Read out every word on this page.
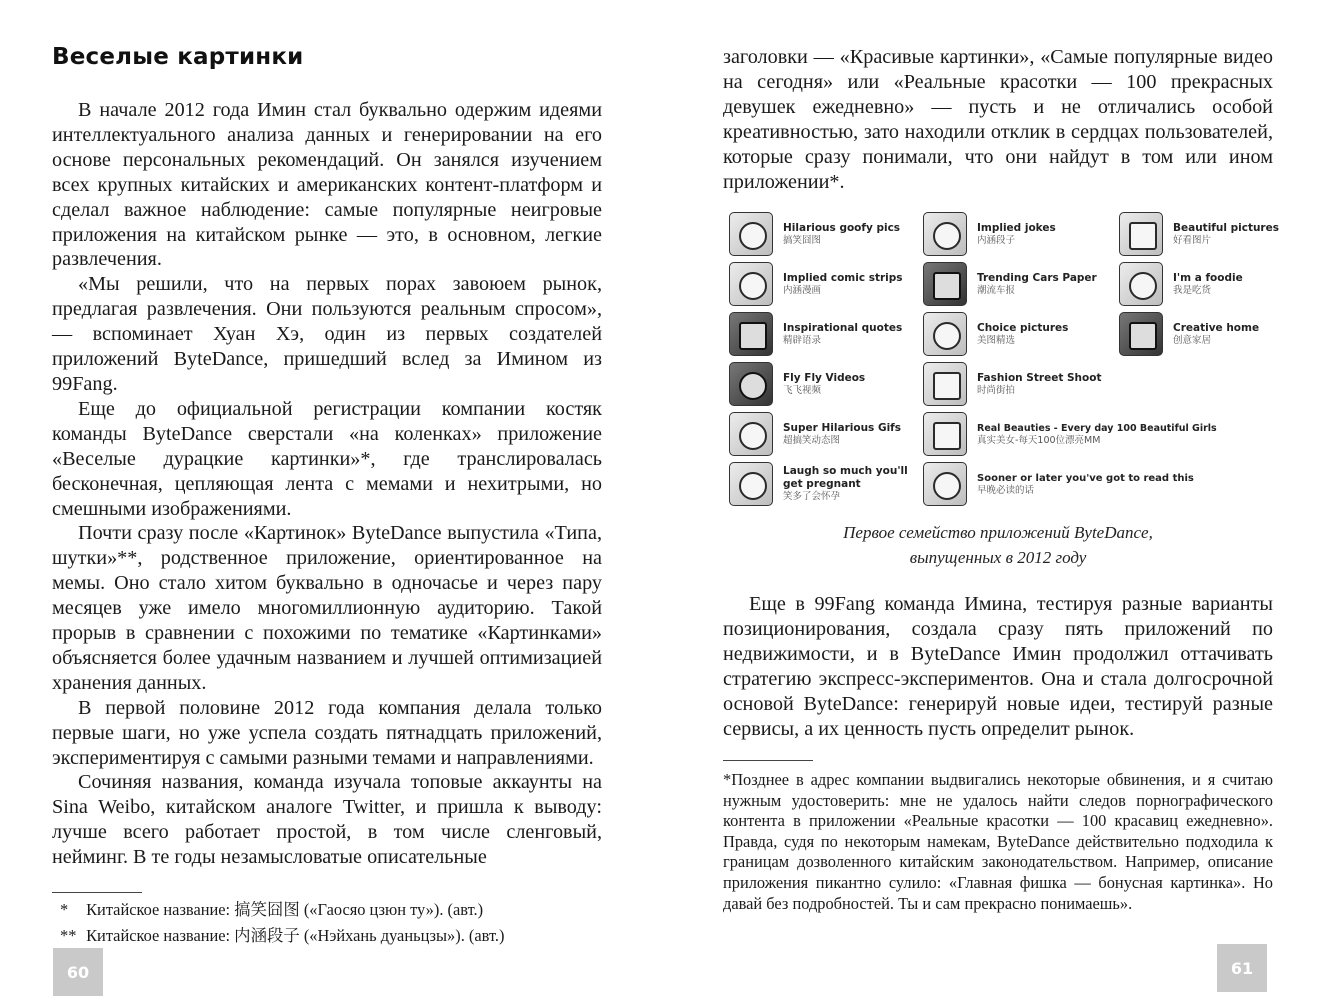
Веселые картинки

В начале 2012 года Имин стал буквально одержим идеями интеллектуального анализа данных и генерировании на его основе персональных рекомендаций. Он занялся изучением всех крупных китайских и американских контент-платформ и сделал важное наблюдение: самые популярные неигровые приложения на китайском рынке — это, в основном, легкие развлечения.

«Мы решили, что на первых порах завоюем рынок, предлагая развлечения. Они пользуются реальным спросом», — вспоминает Хуан Хэ, один из первых создателей приложений ByteDance, пришедший вслед за Имином из 99Fang.

Еще до официальной регистрации компании костяк команды ByteDance сверстали «на коленках» приложение «Веселые дурацкие картинки»*, где транслировалась бесконечная, цепляющая лента с мемами и нехитрыми, но смешными изображениями.

Почти сразу после «Картинок» ByteDance выпустила «Типа, шутки»**, родственное приложение, ориентированное на мемы. Оно стало хитом буквально в одночасье и через пару месяцев уже имело многомиллионную аудиторию. Такой прорыв в сравнении с похожими по тематике «Картинками» объясняется более удачным названием и лучшей оптимизацией хранения данных.

В первой половине 2012 года компания делала только первые шаги, но уже успела создать пятнадцать приложений, экспериментируя с самыми разными темами и направлениями.

Сочиняя названия, команда изучала топовые аккаунты на Sina Weibo, китайском аналоге Twitter, и пришла к выводу: лучше всего работает простой, в том числе сленговый, нейминг. В те годы незамысловатые описательные

* Китайское название: 搞笑囧图 («Гаосяо цзюн ту»). (авт.)
** Китайское название: 内涵段子 («Нэйхань дуаньцзы»). (авт.)
60

заголовки — «Красивые картинки», «Самые популярные видео на сегодня» или «Реальные красотки — 100 прекрасных девушек ежедневно» — пусть и не отличались особой креативностью, зато находили отклик в сердцах пользователей, которые сразу понимали, что они найдут в том или ином приложении*.

Hilarious goofy pics
搞笑囧图
Implied comic strips
内涵漫画
Inspirational quotes
精辟语录
Fly Fly Videos
飞飞视频
Super Hilarious Gifs
超搞笑动态图
Laugh so much you'll get pregnant
笑多了会怀孕
Implied jokes
内涵段子
Trending Cars Paper
潮流车报
Choice pictures
美图精选
Fashion Street Shoot
时尚街拍
Real Beauties - Every day 100 Beautiful Girls
真实美女-每天100位漂亮MM
Sooner or later you've got to read this
早晚必读的话
Beautiful pictures
好看图片
I'm a foodie
我是吃货
Creative home
创意家居
Первое семейство приложений ByteDance,
выпущенных в 2012 году

Еще в 99Fang команда Имина, тестируя разные варианты позиционирования, создала сразу пять приложений по недвижимости, и в ByteDance Имин продолжил оттачивать стратегию экспресс-экспериментов. Она и стала долгосрочной основой ByteDance: генерируй новые идеи, тестируй разные сервисы, а их ценность пусть определит рынок.

*Позднее в адрес компании выдвигались некоторые обвинения, и я считаю нужным удостоверить: мне не удалось найти следов порнографического контента в приложении «Реальные красотки — 100 красавиц ежедневно». Правда, судя по некоторым намекам, ByteDance действительно подходила к границам дозволенного китайским законодательством. Например, описание приложения пикантно сулило: «Главная фишка — бонусная картинка». Но давай без подробностей. Ты и сам прекрасно понимаешь».

61
